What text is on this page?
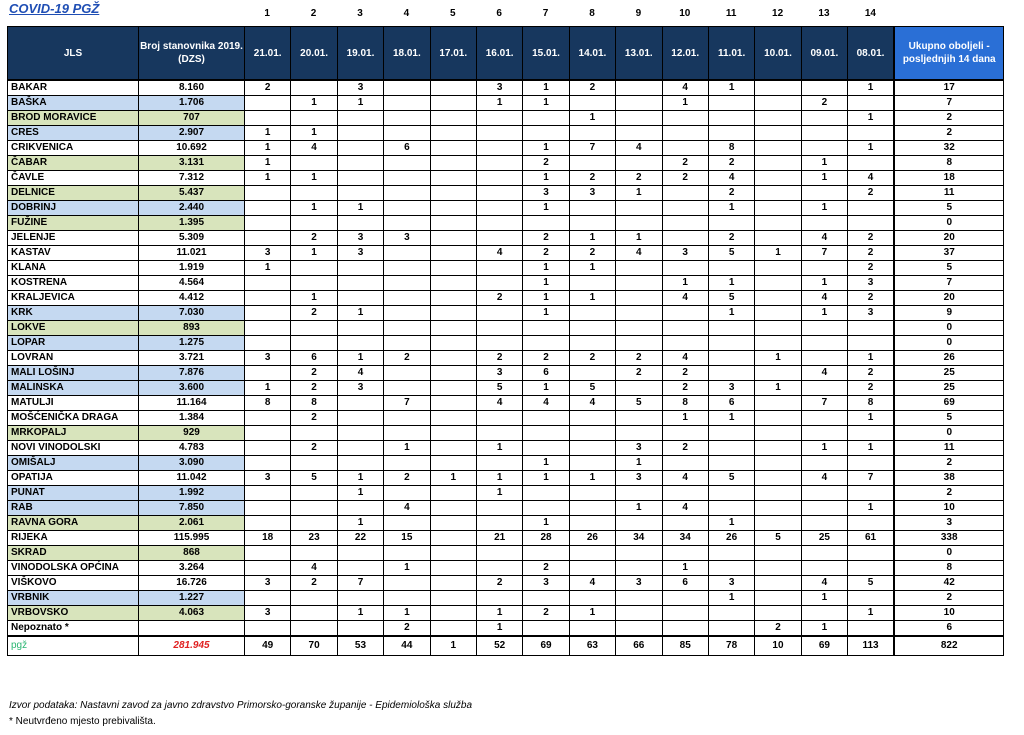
COVID-19 PGŽ	1	2	3	4	5	6	7	8	9	10	11	12	13	14
JLS	Broj stanovnika 2019. (DZS)	21.01.	20.01.	19.01.	18.01.	17.01.	16.01.	15.01.	14.01.	13.01.	12.01.	11.01.	10.01.	09.01.	08.01.	Ukupno oboljeli - posljednjih 14 dana
BAKAR	8.160	2		3			3	1	2		4	1			1	17
BAŠKA	1.706		1	1			1	1			1			2		7
BROD MORAVICE	707								1						1	2
CRES	2.907	1	1													2
CRIKVENICA	10.692	1	4		6			1	7	4		8			1	32
ČABAR	3.131	1						2			2	2		1		8
ČAVLE	7.312	1	1					1	2	2	2	4		1	4	18
DELNICE	5.437							3	3	1		2			2	11
DOBRINJ	2.440		1	1				1				1		1		5
FUŽINE	1.395															0
JELENJE	5.309		2	3	3			2	1	1		2		4	2	20
KASTAV	11.021	3	1	3			4	2	2	4	3	5	1	7	2	37
KLANA	1.919	1						1	1						2	5
KOSTRENA	4.564							1			1	1		1	3	7
KRALJEVICA	4.412		1				2	1	1		4	5		4	2	20
KRK	7.030		2	1				1				1		1	3	9
LOKVE	893															0
LOPAR	1.275															0
LOVRAN	3.721	3	6	1	2		2	2	2	2	4		1		1	26
MALI LOŠINJ	7.876		2	4			3	6		2	2			4	2	25
MALINSKA	3.600	1	2	3			5	1	5		2	3	1		2	25
MATULJI	11.164	8	8		7		4	4	4	5	8	6		7	8	69
MOŠĆENIČKA DRAGA	1.384		2								1	1			1	5
MRKOPALJ	929															0
NOVI VINODOLSKI	4.783		2		1		1			3	2			1	1	11
OMIŠALJ	3.090							1		1						2
OPATIJA	11.042	3	5	1	2	1	1	1	1	3	4	5		4	7	38
PUNAT	1.992			1			1									2
RAB	7.850				4					1	4				1	10
RAVNA GORA	2.061			1				1				1				3
RIJEKA	115.995	18	23	22	15		21	28	26	34	34	26	5	25	61	338
SKRAD	868															0
VINODOLSKA OPĆINA	3.264		4		1			2			1					8
VIŠKOVO	16.726	3	2	7			2	3	4	3	6	3		4	5	42
VRBNIK	1.227											1		1		2
VRBOVSKO	4.063	3		1	1		1	2	1						1	10
Nepoznato *					2		1						2	1		6
pgž	281.945	49	70	53	44	1	52	69	63	66	85	78	10	69	113	822
Izvor podataka: Nastavni zavod za javno zdravstvo Primorsko-goranske županije - Epidemiološka služba
* Neutvrđeno mjesto prebivališta.
